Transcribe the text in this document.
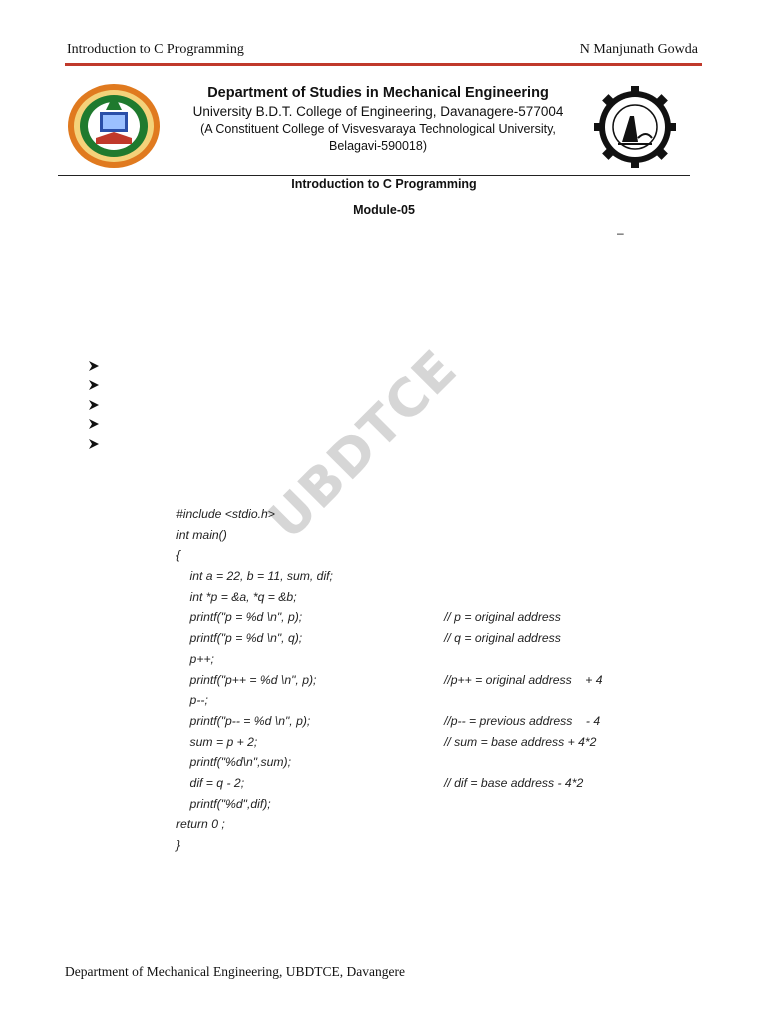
Introduction to C Programming	N Manjunath Gowda

Department of Studies in Mechanical Engineering

University B.D.T. College of Engineering, Davanagere-577004

(A Constituent College of Visvesvaraya Technological University,

Belagavi-590018)

Introduction to C Programming
Module-05
–
UBDTCE
#include <stdio.h>
int main()
{
int a = 22, b = 11, sum, dif;
int *p = &a, *q = &b;
printf("p = %d \n", p);	// p = original address
printf("p = %d \n", q);	// q = original address
p++;
printf("p++ = %d \n", p);	//p++ = original address    + 4
p--;
printf("p-- = %d \n", p);	//p-- = previous address    - 4
sum = p + 2;	// sum = base address + 4*2
printf("%d\n",sum);
dif = q - 2;	// dif = base address - 4*2
printf("%d",dif);
return 0 ;
}
Department of Mechanical Engineering, UBDTCE, Davangere
